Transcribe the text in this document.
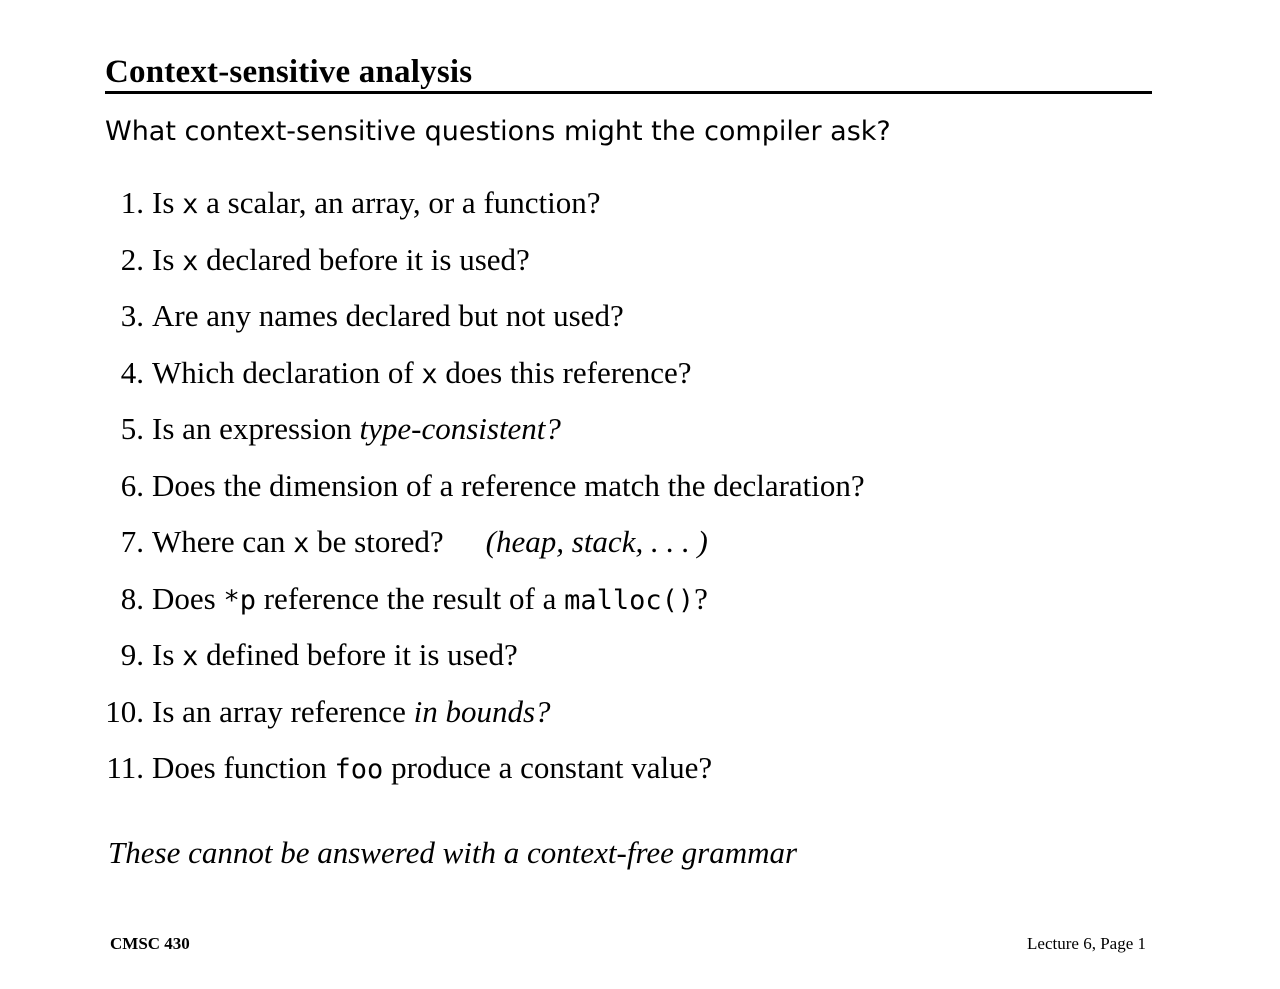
Context-sensitive analysis
What context-sensitive questions might the compiler ask?
1. Is x a scalar, an array, or a function?
2. Is x declared before it is used?
3. Are any names declared but not used?
4. Which declaration of x does this reference?
5. Is an expression type-consistent?
6. Does the dimension of a reference match the declaration?
7. Where can x be stored? (heap, stack, . . . )
8. Does *p reference the result of a malloc()?
9. Is x defined before it is used?
10. Is an array reference in bounds?
11. Does function foo produce a constant value?
These cannot be answered with a context-free grammar
CMSC 430	Lecture 6, Page 1
